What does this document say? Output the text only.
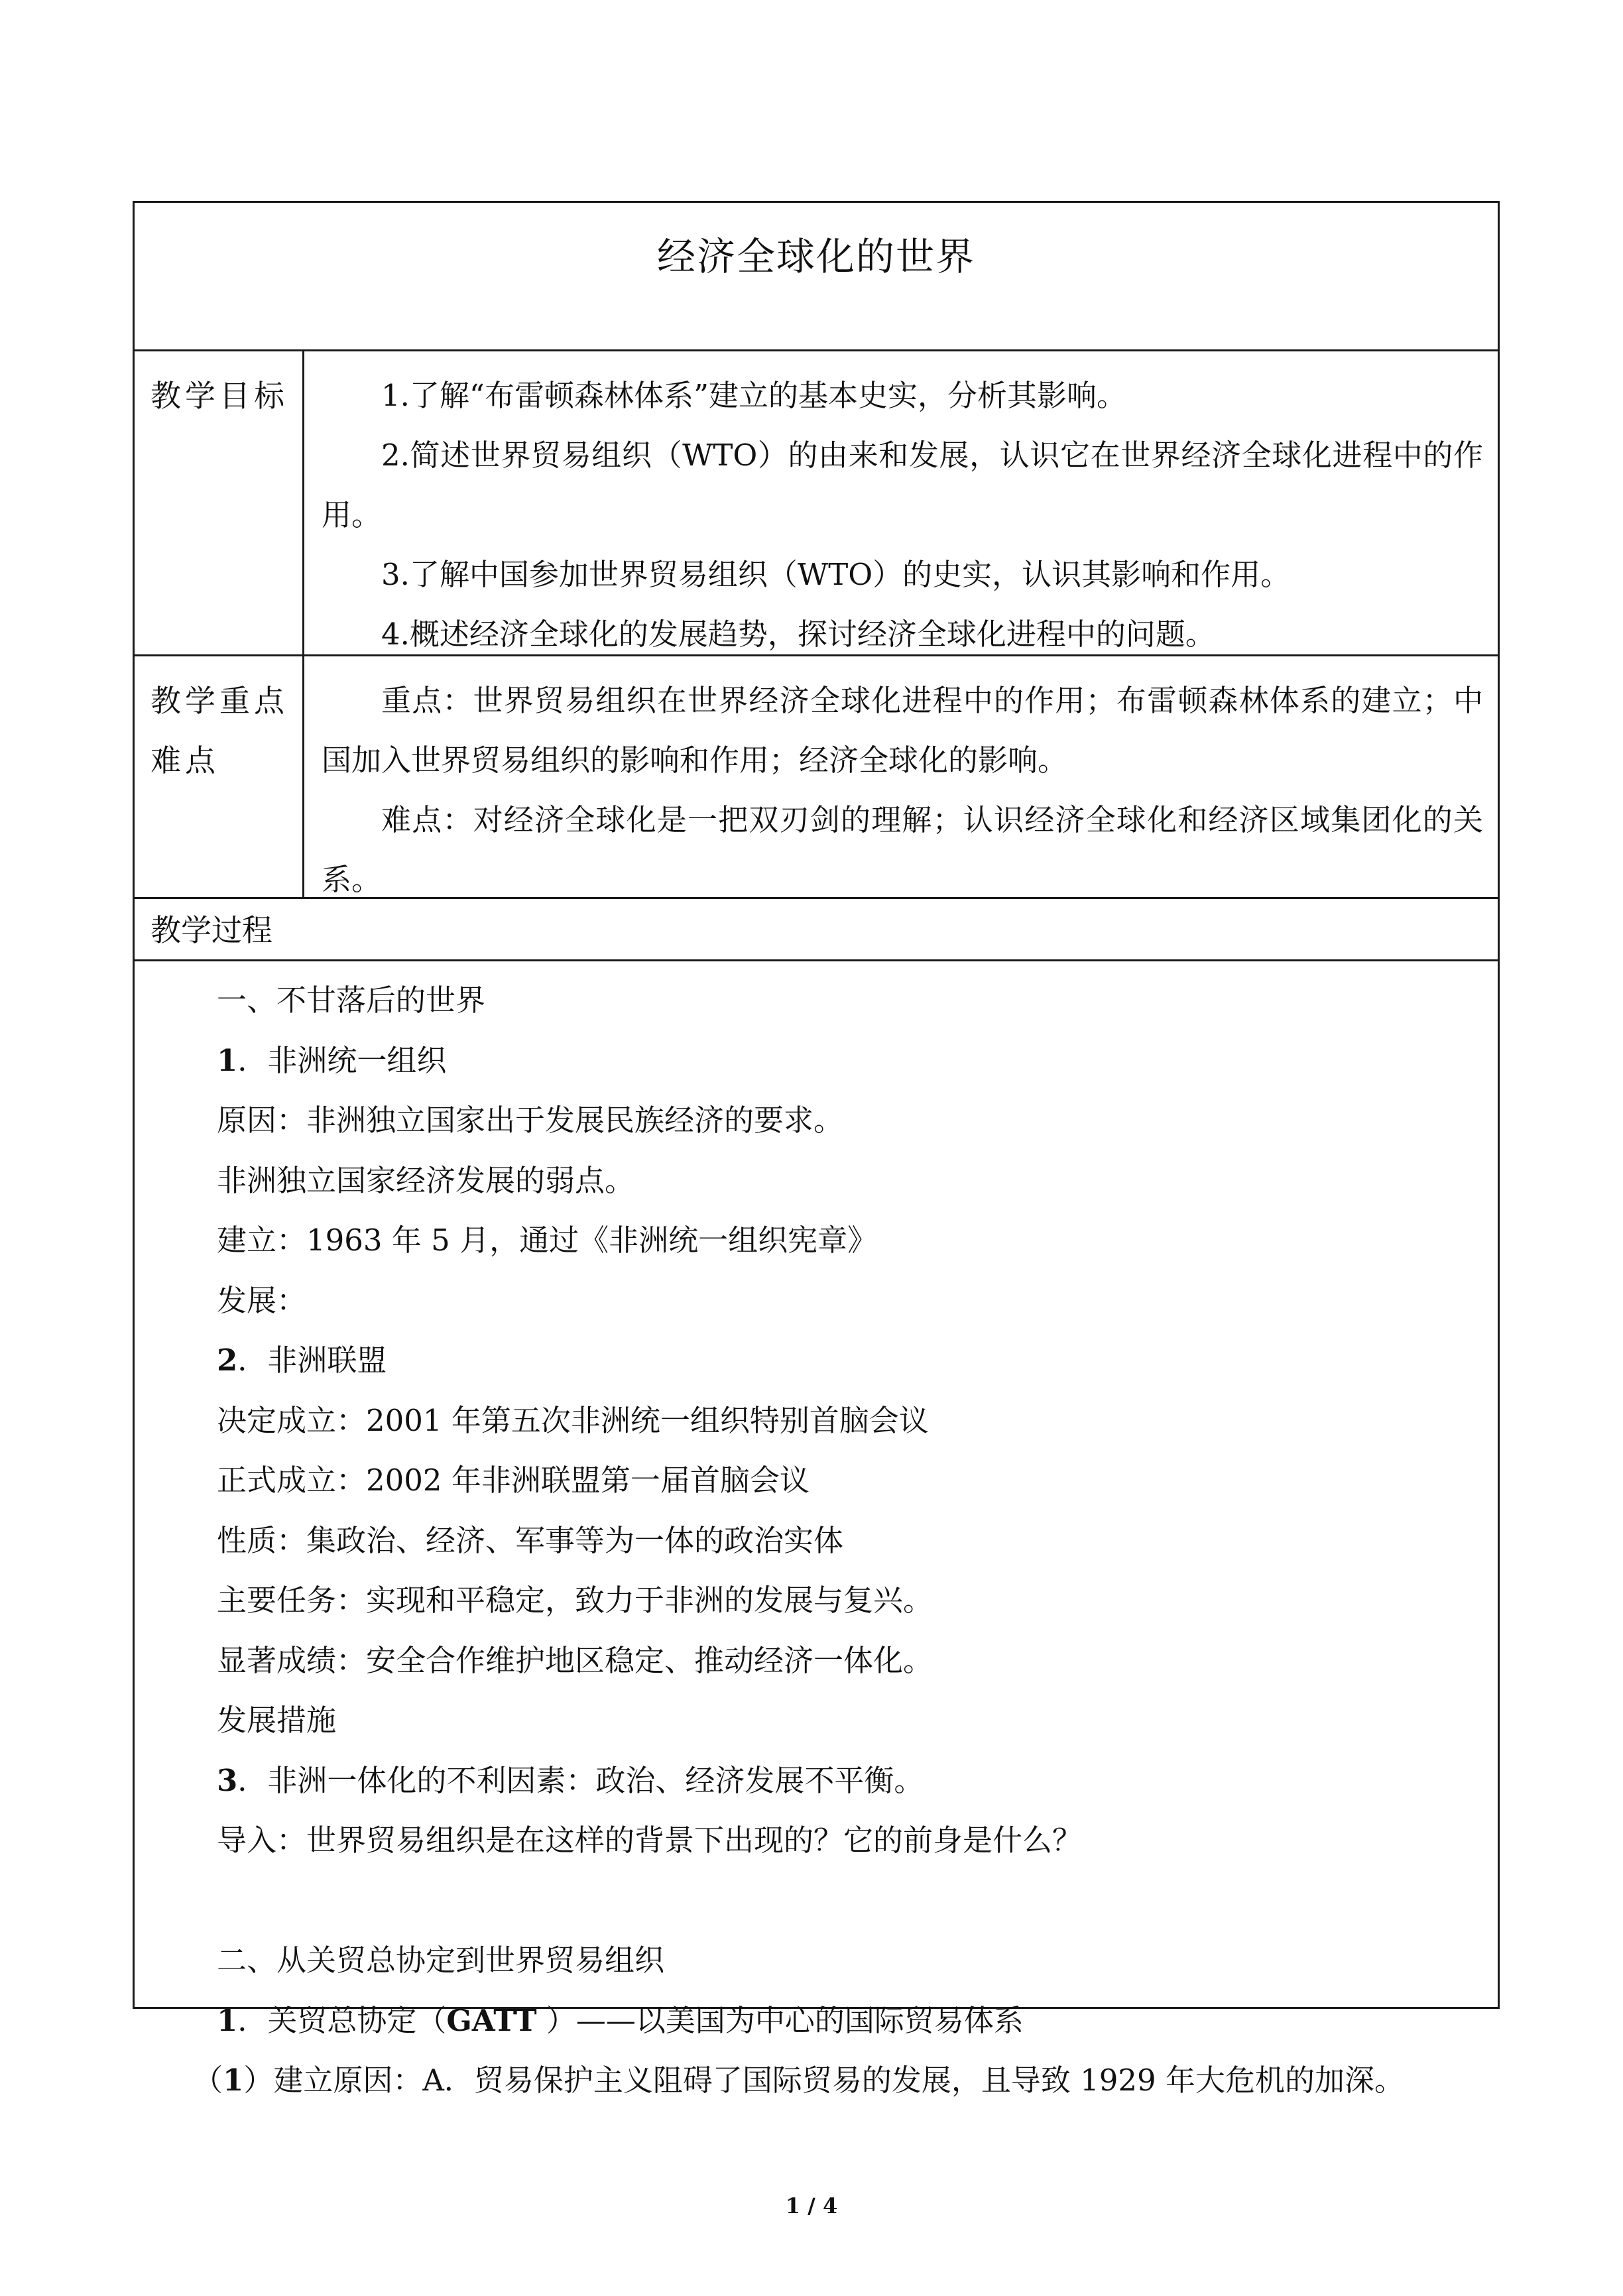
经济全球化的世界
教学目标	1.了解“布雷顿森林体系”建立的基本史实，分析其影响。
2.简述世界贸易组织（WTO）的由来和发展，认识它在世界经济全球化进程中的作用。
3.了解中国参加世界贸易组织（WTO）的史实，认识其影响和作用。
4.概述经济全球化的发展趋势，探讨经济全球化进程中的问题。
教学重点
难点
重点：世界贸易组织在世界经济全球化进程中的作用；布雷顿森林体系的建立；中国加入世界贸易组织的影响和作用；经济全球化的影响。
难点：对经济全球化是一把双刃剑的理解；认识经济全球化和经济区域集团化的关系。
教学过程
一、不甘落后的世界
1．非洲统一组织
原因：非洲独立国家出于发展民族经济的要求。
非洲独立国家经济发展的弱点。
建立：1963 年 5 月，通过《非洲统一组织宪章》
发展：
2．非洲联盟
决定成立：2001 年第五次非洲统一组织特别首脑会议
正式成立：2002 年非洲联盟第一届首脑会议
性质：集政治、经济、军事等为一体的政治实体
主要任务：实现和平稳定，致力于非洲的发展与复兴。
显著成绩：安全合作维护地区稳定、推动经济一体化。
发展措施
3．非洲一体化的不利因素：政治、经济发展不平衡。
导入：世界贸易组织是在这样的背景下出现的？它的前身是什么？
二、从关贸总协定到世界贸易组织
1．关贸总协定（GATT ）——以美国为中心的国际贸易体系
（1）建立原因：A．贸易保护主义阻碍了国际贸易的发展，且导致 1929 年大危机的加深。
1 / 4
